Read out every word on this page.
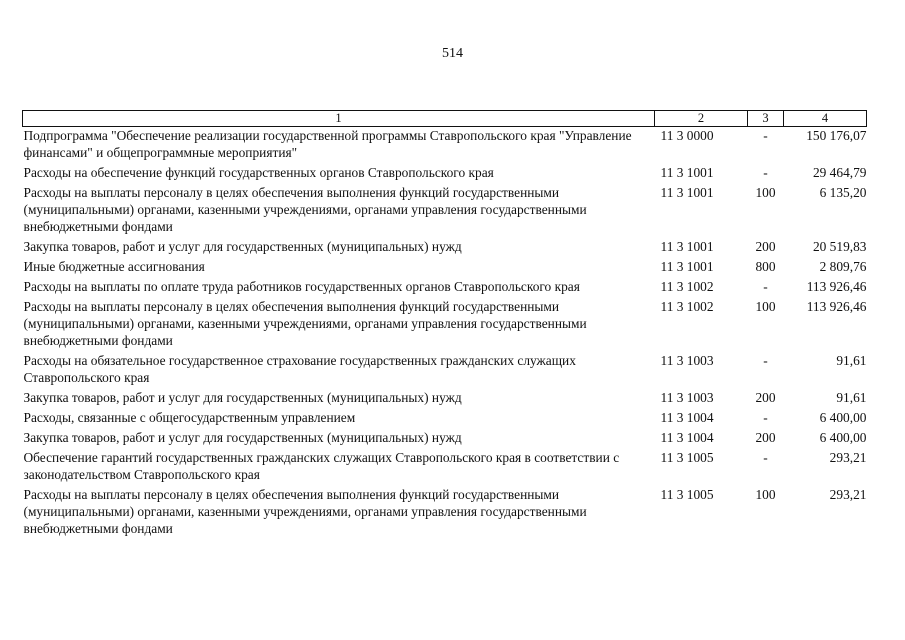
514
1	2	3	4
Подпрограмма "Обеспечение реализации государственной программы Ставропольского края "Управление финансами" и общепрограммные мероприятия"	11 3 0000	-	150 176,07
Расходы на обеспечение функций государственных органов Ставропольского края	11 3 1001	-	29 464,79
Расходы на выплаты персоналу в целях обеспечения выполнения функций государственными (муниципальными) органами, казенными учреждениями, органами управления государственными внебюджетными фондами	11 3 1001	100	6 135,20
Закупка товаров, работ и услуг для государственных (муниципальных) нужд	11 3 1001	200	20 519,83
Иные бюджетные ассигнования	11 3 1001	800	2 809,76
Расходы на выплаты по оплате труда работников государственных органов Ставропольского края	11 3 1002	-	113 926,46
Расходы на выплаты персоналу в целях обеспечения выполнения функций государственными (муниципальными) органами, казенными учреждениями, органами управления государственными внебюджетными фондами	11 3 1002	100	113 926,46
Расходы на обязательное государственное страхование государственных гражданских служащих Ставропольского края	11 3 1003	-	91,61
Закупка товаров, работ и услуг для государственных (муниципальных) нужд	11 3 1003	200	91,61
Расходы, связанные с общегосударственным управлением	11 3 1004	-	6 400,00
Закупка товаров, работ и услуг для государственных (муниципальных) нужд	11 3 1004	200	6 400,00
Обеспечение гарантий государственных гражданских служащих Ставропольского края в соответствии с законодательством Ставропольского края	11 3 1005	-	293,21
Расходы на выплаты персоналу в целях обеспечения выполнения функций государственными (муниципальными) органами, казенными учреждениями, органами управления государственными внебюджетными фондами	11 3 1005	100	293,21
